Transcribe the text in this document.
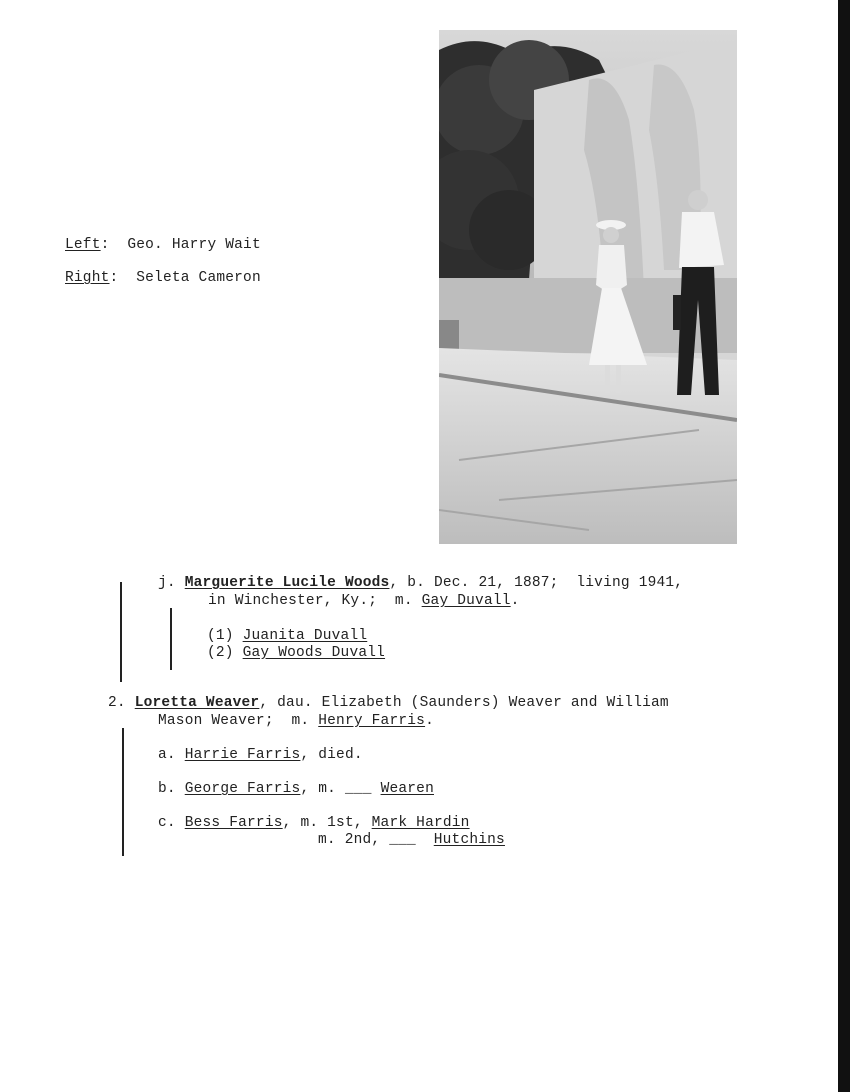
Left:  Geo. Harry Wait
Right:  Seleta Cameron
j. Marguerite Lucile Woods, b. Dec. 21, 1887;  living 1941,
in Winchester, Ky.;  m. Gay Duvall.
(1) Juanita Duvall
(2) Gay Woods Duvall
2. Loretta Weaver, dau. Elizabeth (Saunders) Weaver and William
Mason Weaver;  m. Henry Farris.
a. Harrie Farris, died.
b. George Farris, m. ___ Wearen
c. Bess Farris, m. 1st, Mark Hardin
m. 2nd, ___ Hutchins
